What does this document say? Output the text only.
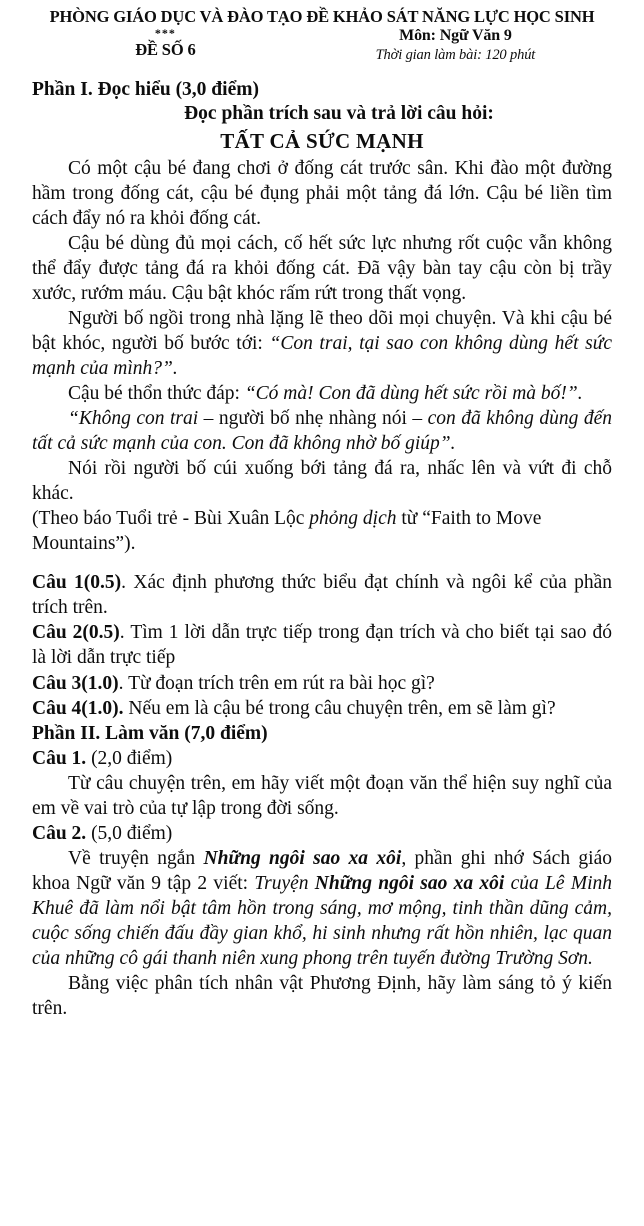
PHÒNG GIÁO DỤC VÀ ĐÀO TẠO ĐỀ KHẢO SÁT NĂNG LỰC HỌC SINH
***
ĐỀ SỐ 6
Môn: Ngữ Văn 9
Thời gian làm bài: 120 phút
Phần I. Đọc hiểu (3,0 điểm)
Đọc phần trích sau và trả lời câu hỏi:
TẤT CẢ SỨC MẠNH

Có một cậu bé đang chơi ở đống cát trước sân. Khi đào một đường hầm trong đống cát, cậu bé đụng phải một tảng đá lớn. Cậu bé liền tìm cách đẩy nó ra khỏi đống cát.

Cậu bé dùng đủ mọi cách, cố hết sức lực nhưng rốt cuộc vẫn không thể đẩy được tảng đá ra khỏi đống cát. Đã vậy bàn tay cậu còn bị trầy xước, rướm máu. Cậu bật khóc rấm rứt trong thất vọng.

Người bố ngồi trong nhà lặng lẽ theo dõi mọi chuyện. Và khi cậu bé bật khóc, người bố bước tới: “Con trai, tại sao con không dùng hết sức mạnh của mình?”.

Cậu bé thổn thức đáp: “Có mà! Con đã dùng hết sức rồi mà bố!”.

“Không con trai – người bố nhẹ nhàng nói – con đã không dùng đến tất cả sức mạnh của con. Con đã không nhờ bố giúp”.

Nói rồi người bố cúi xuống bới tảng đá ra, nhấc lên và vứt đi chỗ khác.

(Theo báo Tuổi trẻ - Bùi Xuân Lộc phỏng dịch từ “Faith to Move Mountains”).

Câu 1(0.5). Xác định phương thức biểu đạt chính và ngôi kể của phần trích trên.

Câu 2(0.5). Tìm 1 lời dẫn trực tiếp trong đạn trích và cho biết tại sao đó là lời dẫn trực tiếp

Câu 3(1.0). Từ đoạn trích trên em rút ra bài học gì?

Câu 4(1.0). Nếu em là cậu bé trong câu chuyện trên, em sẽ làm gì?

Phần II. Làm văn (7,0 điểm)

Câu 1. (2,0 điểm)

Từ câu chuyện trên, em hãy viết một đoạn văn thể hiện suy nghĩ của em về vai trò của tự lập trong đời sống.

Câu 2. (5,0 điểm)

Về truyện ngắn Những ngôi sao xa xôi, phần ghi nhớ Sách giáo khoa Ngữ văn 9 tập 2 viết: Truyện Những ngôi sao xa xôi của Lê Minh Khuê đã làm nổi bật tâm hồn trong sáng, mơ mộng, tinh thần dũng cảm, cuộc sống chiến đấu đầy gian khổ, hi sinh nhưng rất hồn nhiên, lạc quan của những cô gái thanh niên xung phong trên tuyến đường Trường Sơn.

Bằng việc phân tích nhân vật Phương Định, hãy làm sáng tỏ ý kiến trên.
